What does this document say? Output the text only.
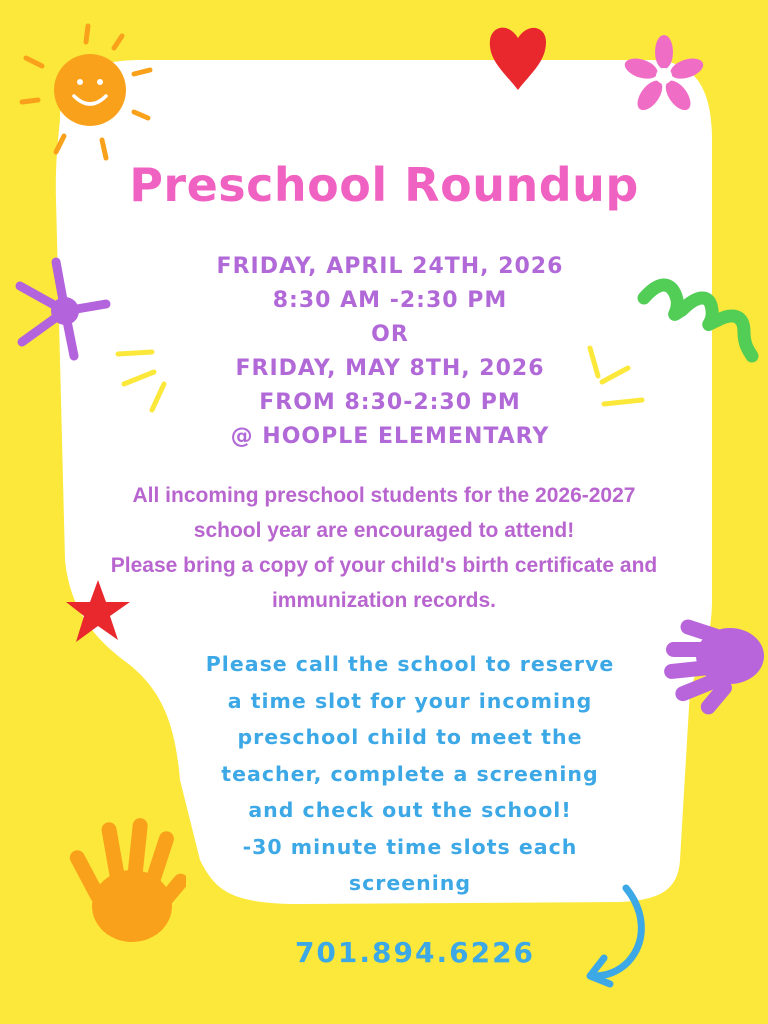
Preschool Roundup
FRIDAY, APRIL 24TH, 2026
8:30 AM -2:30 PM
OR
FRIDAY, MAY 8TH, 2026
FROM 8:30-2:30 PM
@ HOOPLE ELEMENTARY
All incoming preschool students for the 2026-2027
school year are encouraged to attend!
Please bring a copy of your child's birth certificate and
immunization records.
Please call the school to reserve
a time slot for your incoming
preschool child to meet the
teacher, complete a screening
and check out the school!
-30 minute time slots each
screening
701.894.6226
